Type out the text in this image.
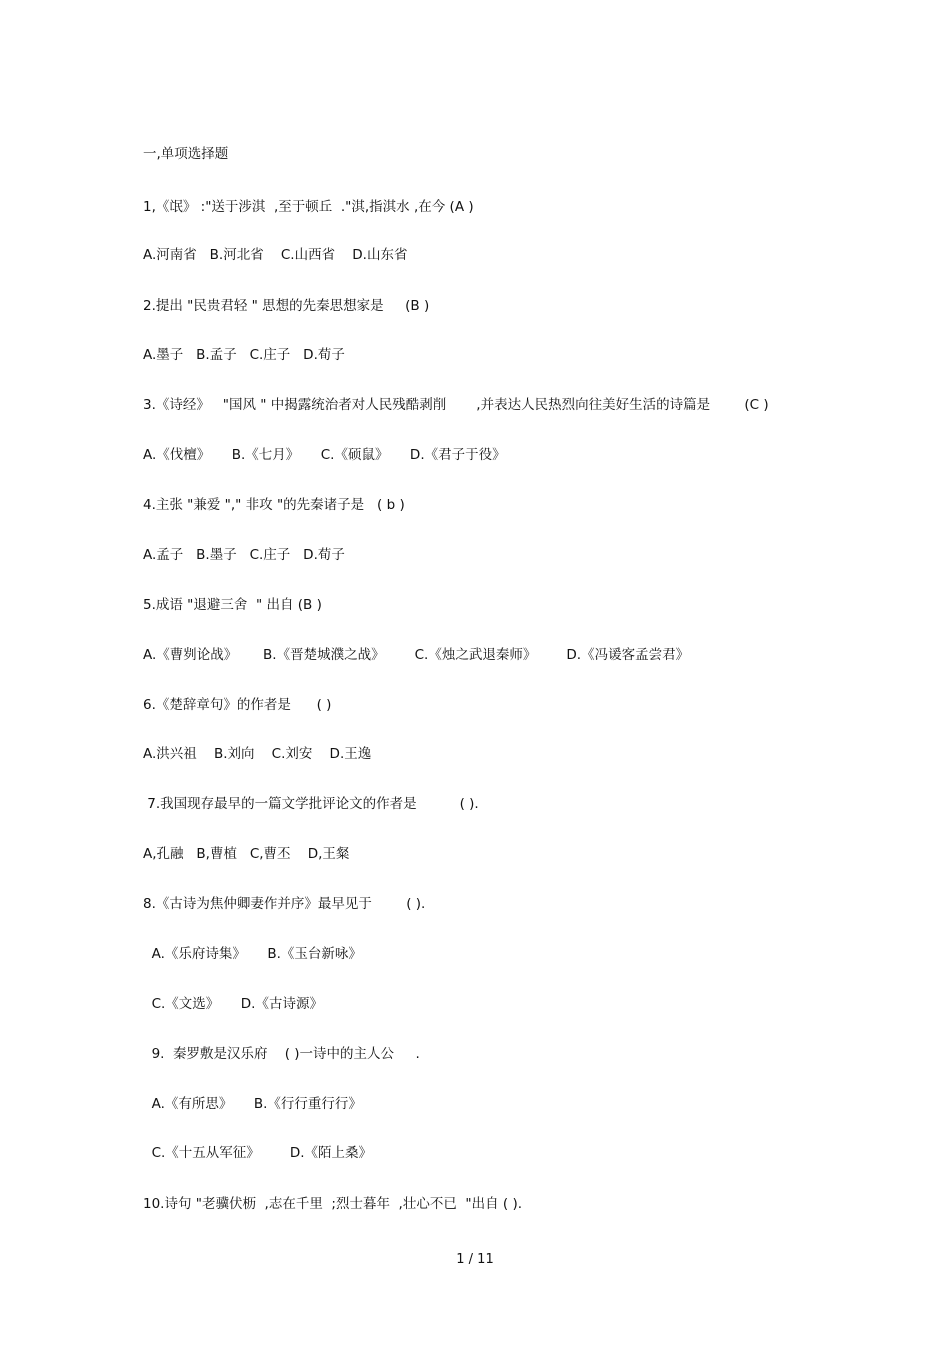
一,单项选择题
1,《氓》 :"送于涉淇  ,至于顿丘  ."淇,指淇水 ,在今 (A )
A.河南省   B.河北省    C.山西省    D.山东省
2.提出 "民贵君轻 " 思想的先秦思想家是     (B )
A.墨子   B.孟子   C.庄子   D.荀子
3.《诗经》   "国风 " 中揭露统治者对人民残酷剥削       ,并表达人民热烈向往美好生活的诗篇是        (C )
A.《伐檀》     B.《七月》     C.《硕鼠》     D.《君子于役》
4.主张 "兼爱 "," 非攻 "的先秦诸子是   ( b )
A.孟子   B.墨子   C.庄子   D.荀子
5.成语 "退避三舍  " 出自 (B )
A.《曹刿论战》      B.《晋楚城濮之战》       C.《烛之武退秦师》       D.《冯谖客孟尝君》
6.《楚辞章句》的作者是      ( )
A.洪兴祖    B.刘向    C.刘安    D.王逸
7.我国现存最早的一篇文学批评论文的作者是          ( ).
A,孔融   B,曹植   C,曹丕    D,王粲
8.《古诗为焦仲卿妻作并序》最早见于        ( ).
A.《乐府诗集》     B.《玉台新咏》
C.《文选》     D.《古诗源》
9.  秦罗敷是汉乐府    ( )一诗中的主人公     .
A.《有所思》     B.《行行重行行》
C.《十五从军征》       D.《陌上桑》
10.诗句 "老骥伏枥  ,志在千里  ;烈士暮年  ,壮心不已  "出自 ( ).
1 / 11
